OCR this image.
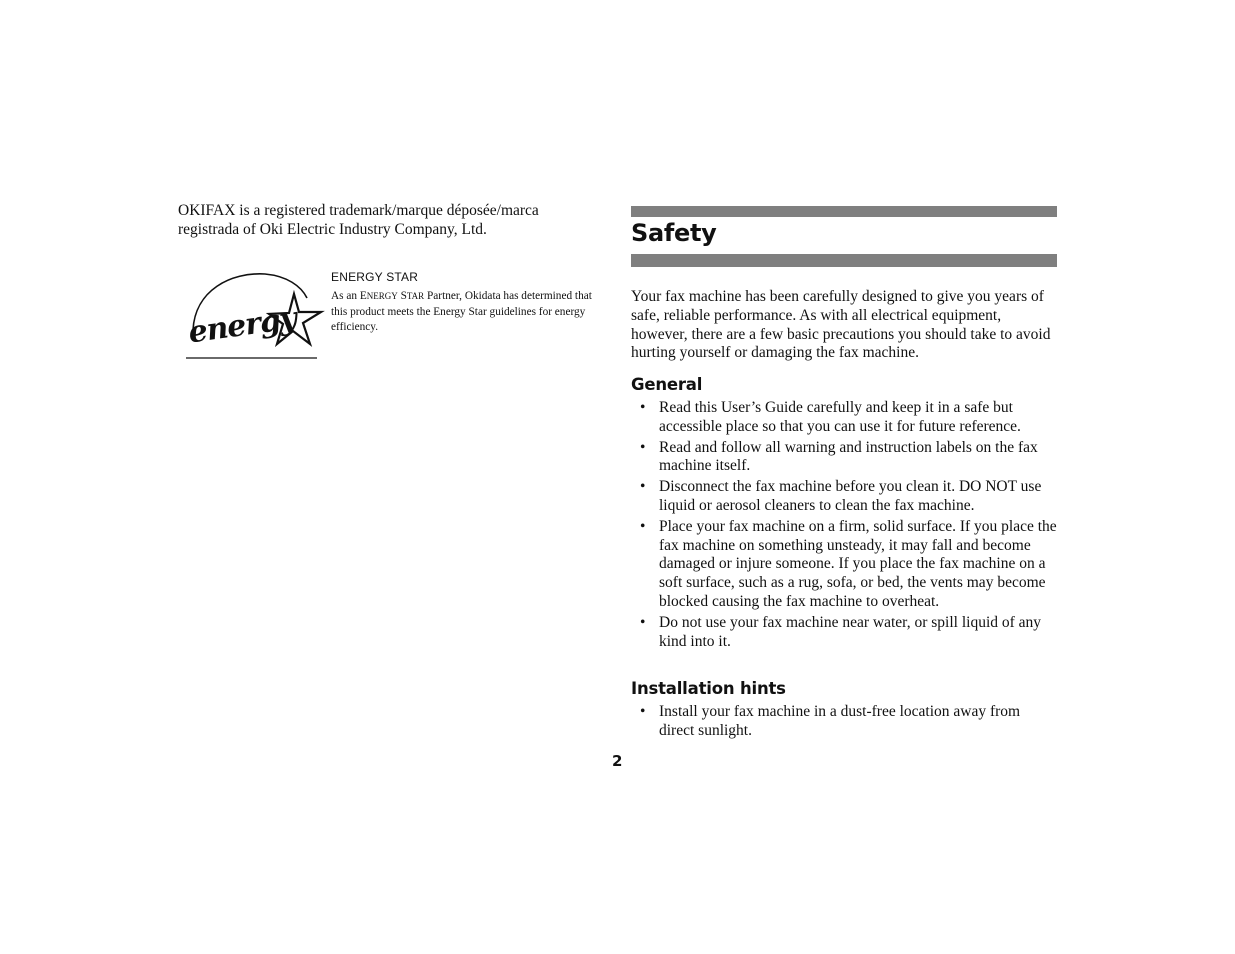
OKIFAX is a registered trademark/marque déposée/marca registrada of Oki Electric Industry Company, Ltd.

energy

ENERGY STAR

As an ENERGY STAR Partner, Okidata has determined that this product meets the Energy Star guidelines for energy efficiency.

Safety

Your fax machine has been carefully designed to give you years of safe, reliable performance. As with all electrical equipment, however, there are a few basic precautions you should take to avoid hurting yourself or damaging the fax machine.

General
• Read this User’s Guide carefully and keep it in a safe but accessible place so that you can use it for future reference.
• Read and follow all warning and instruction labels on the fax machine itself.
• Disconnect the fax machine before you clean it. DO NOT use liquid or aerosol cleaners to clean the fax machine.
• Place your fax machine on a firm, solid surface. If you place the fax machine on something unsteady, it may fall and become damaged or injure someone. If you place the fax machine on a soft surface, such as a rug, sofa, or bed, the vents may become blocked causing the fax machine to overheat.
• Do not use your fax machine near water, or spill liquid of any kind into it.
Installation hints
• Install your fax machine in a dust-free location away from direct sunlight.

2
